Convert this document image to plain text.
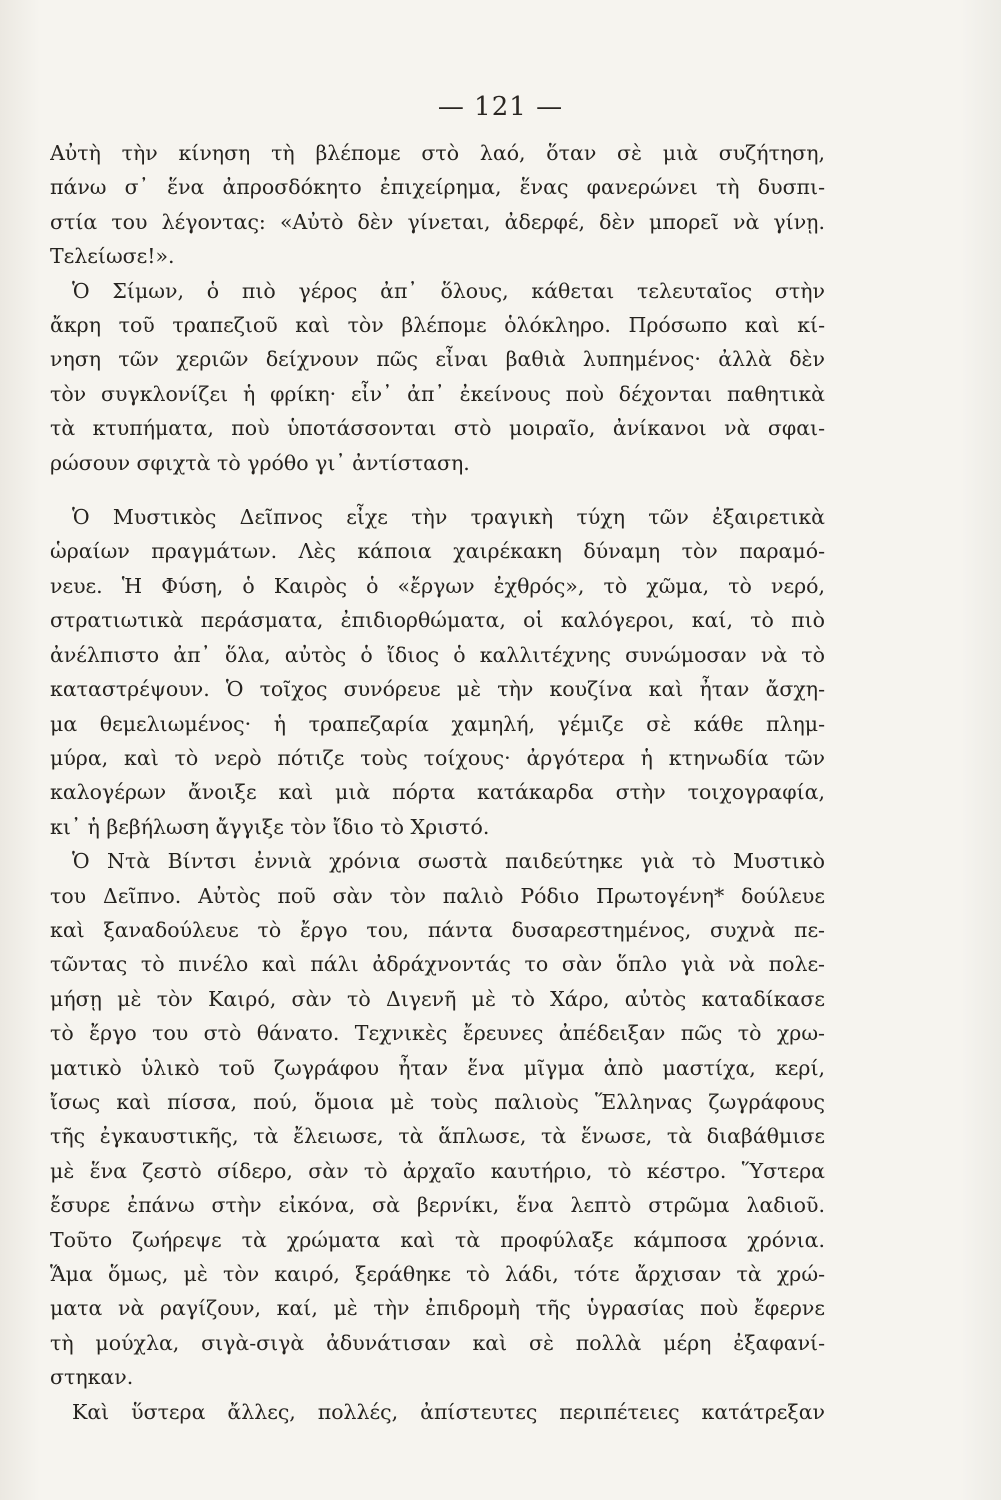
— 121 —
Αὐτὴ τὴν κίνηση τὴ βλέπομε στὸ λαό, ὅταν σὲ μιὰ συζήτηση,
πάνω σ᾽ ἕνα ἀπροσδόκητο ἐπιχείρημα, ἕνας φανερώνει τὴ δυσπι-
στία του λέγοντας: «Αὐτὸ δὲν γίνεται, ἀδερφέ, δὲν μπορεῖ νὰ γίνῃ.
Τελείωσε!».
Ὁ Σίμων, ὁ πιὸ γέρος ἀπ᾽ ὅλους, κάθεται τελευταῖος στὴν
ἄκρη τοῦ τραπεζιοῦ καὶ τὸν βλέπομε ὁλόκληρο. Πρόσωπο καὶ κί-
νηση τῶν χεριῶν δείχνουν πῶς εἶναι βαθιὰ λυπημένος· ἀλλὰ δὲν
τὸν συγκλονίζει ἡ φρίκη· εἶν᾽ ἀπ᾽ ἐκείνους ποὺ δέχονται παθητικὰ
τὰ κτυπήματα, ποὺ ὑποτάσσονται στὸ μοιραῖο, ἀνίκανοι νὰ σφαι-
ρώσουν σφιχτὰ τὸ γρόθο γι᾽ ἀντίσταση.
Ὁ Μυστικὸς Δεῖπνος εἶχε τὴν τραγικὴ τύχη τῶν ἐξαιρετικὰ
ὡραίων πραγμάτων. Λὲς κάποια χαιρέκακη δύναμη τὸν παραμό-
νευε. Ἡ Φύση, ὁ Καιρὸς ὁ «ἔργων ἐχθρός», τὸ χῶμα, τὸ νερό,
στρατιωτικὰ περάσματα, ἐπιδιορθώματα, οἱ καλόγεροι, καί, τὸ πιὸ
ἀνέλπιστο ἀπ᾽ ὅλα, αὐτὸς ὁ ἴδιος ὁ καλλιτέχνης συνώμοσαν νὰ τὸ
καταστρέψουν. Ὁ τοῖχος συνόρευε μὲ τὴν κουζίνα καὶ ἦταν ἄσχη-
μα θεμελιωμένος· ἡ τραπεζαρία χαμηλή, γέμιζε σὲ κάθε πλημ-
μύρα, καὶ τὸ νερὸ πότιζε τοὺς τοίχους· ἀργότερα ἡ κτηνωδία τῶν
καλογέρων ἄνοιξε καὶ μιὰ πόρτα κατάκαρδα στὴν τοιχογραφία,
κι᾽ ἡ βεβήλωση ἄγγιξε τὸν ἴδιο τὸ Χριστό.
Ὁ Ντὰ Βίντσι ἐννιὰ χρόνια σωστὰ παιδεύτηκε γιὰ τὸ Μυστικὸ
του Δεῖπνο. Αὐτὸς ποῦ σὰν τὸν παλιὸ Ρόδιο Πρωτογένη* δούλευε
καὶ ξαναδούλευε τὸ ἔργο του, πάντα δυσαρεστημένος, συχνὰ πε-
τῶντας τὸ πινέλο καὶ πάλι ἀδράχνοντάς το σὰν ὅπλο γιὰ νὰ πολε-
μήσῃ μὲ τὸν Καιρό, σὰν τὸ Διγενῆ μὲ τὸ Χάρο, αὐτὸς καταδίκασε
τὸ ἔργο του στὸ θάνατο. Τεχνικὲς ἔρευνες ἀπέδειξαν πῶς τὸ χρω-
ματικὸ ὑλικὸ τοῦ ζωγράφου ἦταν ἕνα μῖγμα ἀπὸ μαστίχα, κερί,
ἴσως καὶ πίσσα, πού, ὅμοια μὲ τοὺς παλιοὺς Ἕλληνας ζωγράφους
τῆς ἐγκαυστικῆς, τὰ ἔλειωσε, τὰ ἅπλωσε, τὰ ἕνωσε, τὰ διαβάθμισε
μὲ ἕνα ζεστὸ σίδερο, σὰν τὸ ἀρχαῖο καυτήριο, τὸ κέστρο. Ὕστερα
ἔσυρε ἐπάνω στὴν εἰκόνα, σὰ βερνίκι, ἕνα λεπτὸ στρῶμα λαδιοῦ.
Τοῦτο ζωήρεψε τὰ χρώματα καὶ τὰ προφύλαξε κάμποσα χρόνια.
Ἅμα ὅμως, μὲ τὸν καιρό, ξεράθηκε τὸ λάδι, τότε ἄρχισαν τὰ χρώ-
ματα νὰ ραγίζουν, καί, μὲ τὴν ἐπιδρομὴ τῆς ὑγρασίας ποὺ ἔφερνε
τὴ μούχλα, σιγὰ-σιγὰ ἀδυνάτισαν καὶ σὲ πολλὰ μέρη ἐξαφανί-
στηκαν.
Καὶ ὕστερα ἄλλες, πολλές, ἀπίστευτες περιπέτειες κατάτρεξαν
